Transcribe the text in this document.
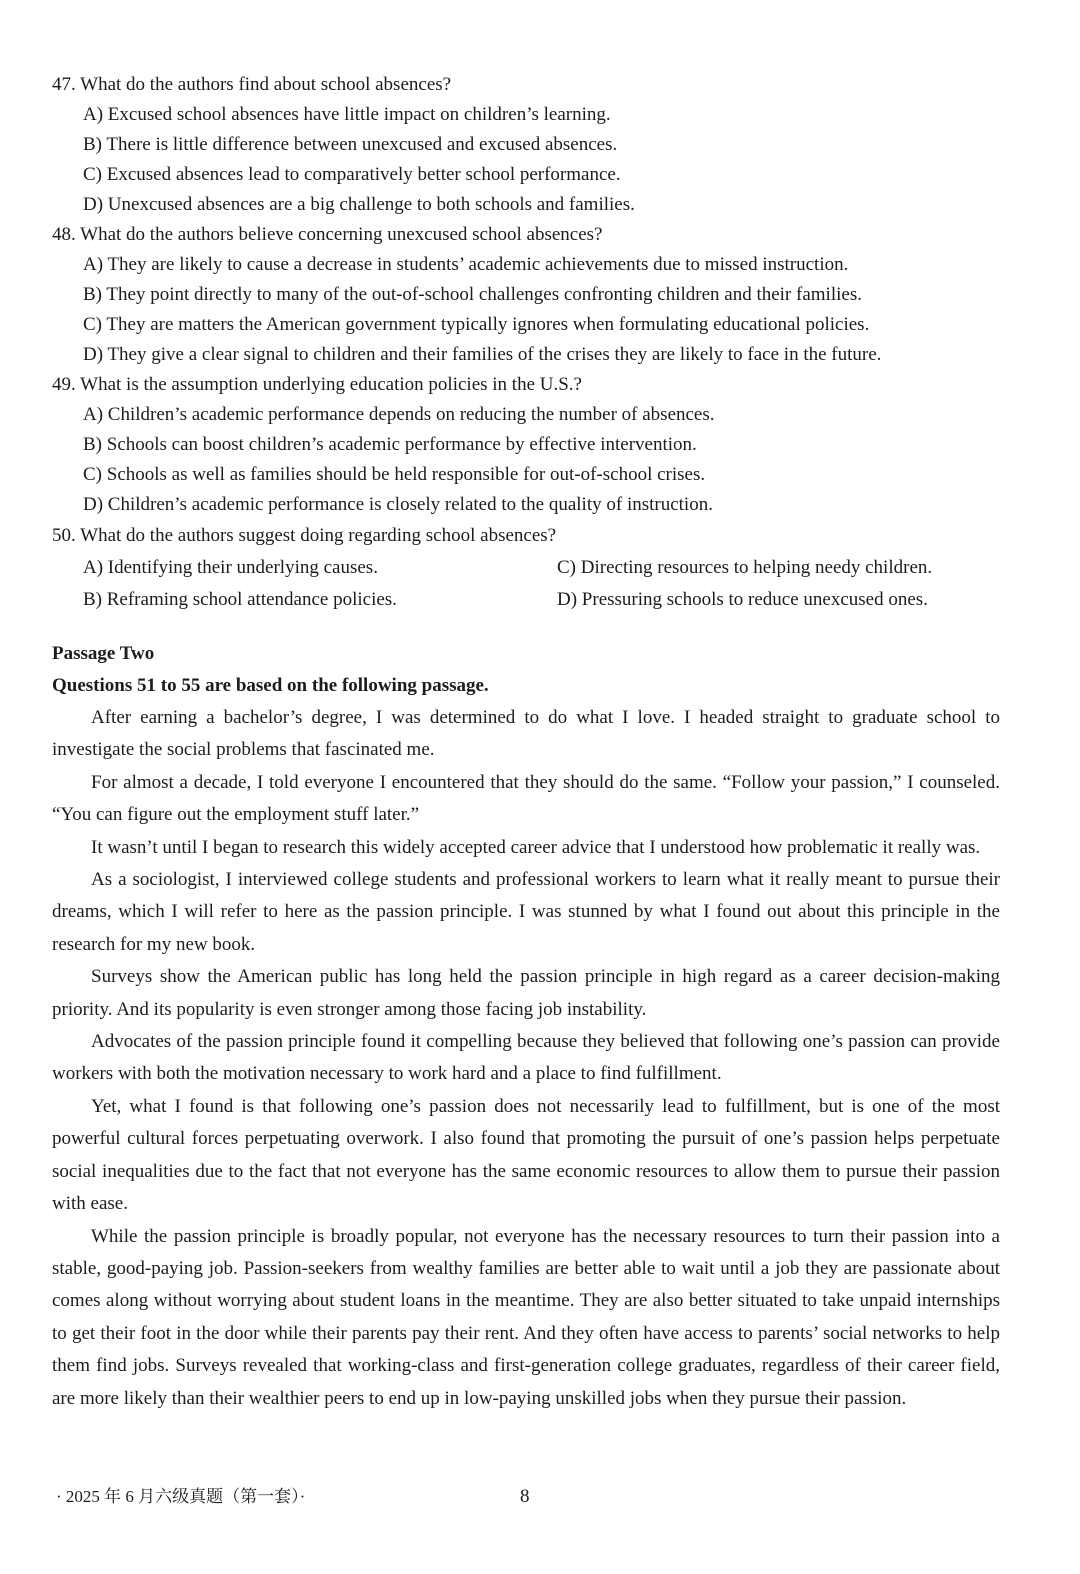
47. What do the authors find about school absences?
A) Excused school absences have little impact on children’s learning.
B) There is little difference between unexcused and excused absences.
C) Excused absences lead to comparatively better school performance.
D) Unexcused absences are a big challenge to both schools and families.
48. What do the authors believe concerning unexcused school absences?
A) They are likely to cause a decrease in students’ academic achievements due to missed instruction.
B) They point directly to many of the out-of-school challenges confronting children and their families.
C) They are matters the American government typically ignores when formulating educational policies.
D) They give a clear signal to children and their families of the crises they are likely to face in the future.
49. What is the assumption underlying education policies in the U.S.?
A) Children’s academic performance depends on reducing the number of absences.
B) Schools can boost children’s academic performance by effective intervention.
C) Schools as well as families should be held responsible for out-of-school crises.
D) Children’s academic performance is closely related to the quality of instruction.
50. What do the authors suggest doing regarding school absences?
A) Identifying their underlying causes.	C) Directing resources to helping needy children.
B) Reframing school attendance policies.	D) Pressuring schools to reduce unexcused ones.
Passage Two
Questions 51 to 55 are based on the following passage.

After earning a bachelor’s degree, I was determined to do what I love. I headed straight to graduate school to investigate the social problems that fascinated me.

For almost a decade, I told everyone I encountered that they should do the same. “Follow your passion,” I counseled. “You can figure out the employment stuff later.”

It wasn’t until I began to research this widely accepted career advice that I understood how problematic it really was.

As a sociologist, I interviewed college students and professional workers to learn what it really meant to pursue their dreams, which I will refer to here as the passion principle. I was stunned by what I found out about this principle in the research for my new book.

Surveys show the American public has long held the passion principle in high regard as a career decision-making priority. And its popularity is even stronger among those facing job instability.

Advocates of the passion principle found it compelling because they believed that following one’s passion can provide workers with both the motivation necessary to work hard and a place to find fulfillment.

Yet, what I found is that following one’s passion does not necessarily lead to fulfillment, but is one of the most powerful cultural forces perpetuating overwork. I also found that promoting the pursuit of one’s passion helps perpetuate social inequalities due to the fact that not everyone has the same economic resources to allow them to pursue their passion with ease.

While the passion principle is broadly popular, not everyone has the necessary resources to turn their passion into a stable, good-paying job. Passion-seekers from wealthy families are better able to wait until a job they are passionate about comes along without worrying about student loans in the meantime. They are also better situated to take unpaid internships to get their foot in the door while their parents pay their rent. And they often have access to parents’ social networks to help them find jobs. Surveys revealed that working-class and first-generation college graduates, regardless of their career field, are more likely than their wealthier peers to end up in low-paying unskilled jobs when they pursue their passion.

· 2025 年 6 月六级真题（第一套）·	8
